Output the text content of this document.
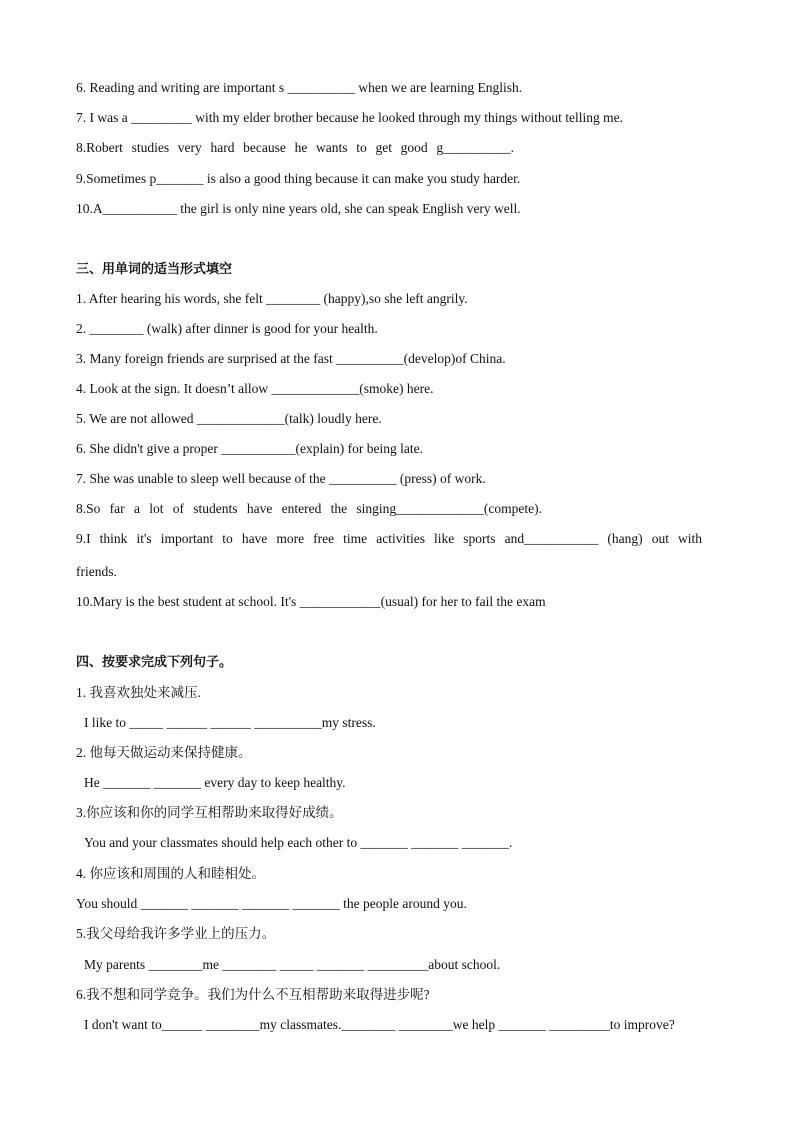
6. Reading and writing are important s __________ when we are learning English.
7. I was a _________ with my elder brother because he looked through my things without telling me.
8.Robert studies very hard because he wants to get good g__________.
9.Sometimes p_______ is also a good thing because it can make you study harder.
10.A___________ the girl is only nine years old, she can speak English very well.
三、用单词的适当形式填空
1. After hearing his words, she felt ________ (happy),so she left angrily.
2. ________ (walk) after dinner is good for your health.
3. Many foreign friends are surprised at the fast __________(develop)of China.
4. Look at the sign. It doesn’t allow _____________(smoke) here.
5. We are not allowed _____________(talk) loudly here.
6. She didn't give a proper ___________(explain) for being late.
7. She was unable to sleep well because of the __________ (press) of work.
8.So far a lot of students have entered the singing_____________(compete).
9.I think it's important to have more free time activities like sports and___________ (hang) out with
friends.
10.Mary is the best student at school. It's ____________(usual) for her to fail the exam
四、按要求完成下列句子。
1. 我喜欢独处来减压.
I like to _____ ______ ______ __________my stress.
2. 他每天做运动来保持健康。
He _______ _______ every day to keep healthy.
3.你应该和你的同学互相帮助来取得好成绩。
You and your classmates should help each other to _______ _______ _______.
4. 你应该和周围的人和睦相处。
You should _______ _______ _______ _______ the people around you.
5.我父母给我许多学业上的压力。
My parents ________me ________ _____ _______ _________about school.
6.我不想和同学竞争。我们为什么不互相帮助来取得进步呢?
I don't want to______ ________my classmates.________ ________we help _______ _________to improve?
